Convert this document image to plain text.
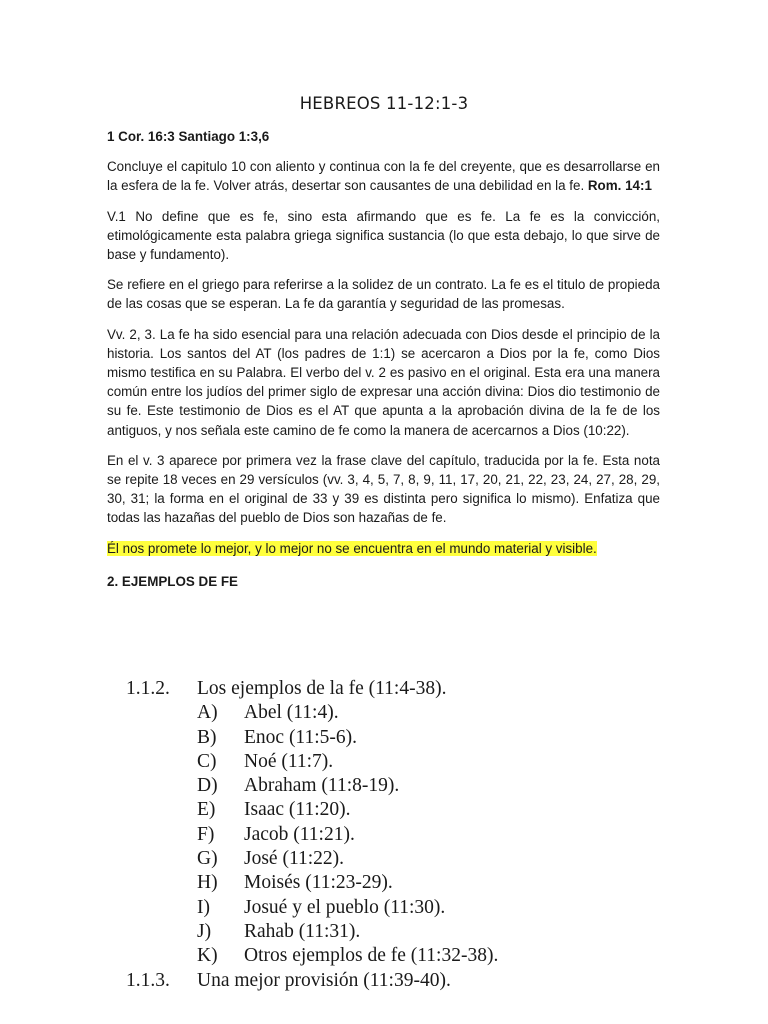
HEBREOS 11-12:1-3
1 Cor. 16:3 Santiago 1:3,6

Concluye el capitulo 10 con aliento y continua con la fe del creyente, que es desarrollarse en la esfera de la fe. Volver atrás, desertar son causantes de una debilidad en la fe. Rom. 14:1

V.1 No define que es fe, sino esta afirmando que es fe. La fe es la convicción, etimológicamente esta palabra griega significa sustancia (lo que esta debajo, lo que sirve de base y fundamento).

Se refiere en el griego para referirse a la solidez de un contrato. La fe es el titulo de propieda de las cosas que se esperan. La fe da garantía y seguridad de las promesas.

Vv. 2, 3. La fe ha sido esencial para una relación adecuada con Dios desde el principio de la historia. Los santos del AT (los padres de 1:1) se acercaron a Dios por la fe, como Dios mismo testifica en su Palabra. El verbo del v. 2 es pasivo en el original. Esta era una manera común entre los judíos del primer siglo de expresar una acción divina: Dios dio testimonio de su fe. Este testimonio de Dios es el AT que apunta a la aprobación divina de la fe de los antiguos, y nos señala este camino de fe como la manera de acercarnos a Dios (10:22).

En el v. 3 aparece por primera vez la frase clave del capítulo, traducida por la fe. Esta nota se repite 18 veces en 29 versículos (vv. 3, 4, 5, 7, 8, 9, 11, 17, 20, 21, 22, 23, 24, 27, 28, 29, 30, 31; la forma en el original de 33 y 39 es distinta pero significa lo mismo). Enfatiza que todas las hazañas del pueblo de Dios son hazañas de fe.

Él nos promete lo mejor, y lo mejor no se encuentra en el mundo material y visible.

2. EJEMPLOS DE FE
1.1.2.	Los ejemplos de la fe (11:4-38).
A)	Abel (11:4).
B)	Enoc (11:5-6).
C)	Noé (11:7).
D)	Abraham (11:8-19).
E)	Isaac (11:20).
F)	Jacob (11:21).
G)	José (11:22).
H)	Moisés (11:23-29).
I)	Josué y el pueblo (11:30).
J)	Rahab (11:31).
K)	Otros ejemplos de fe (11:32-38).
1.1.3.	Una mejor provisión (11:39-40).
